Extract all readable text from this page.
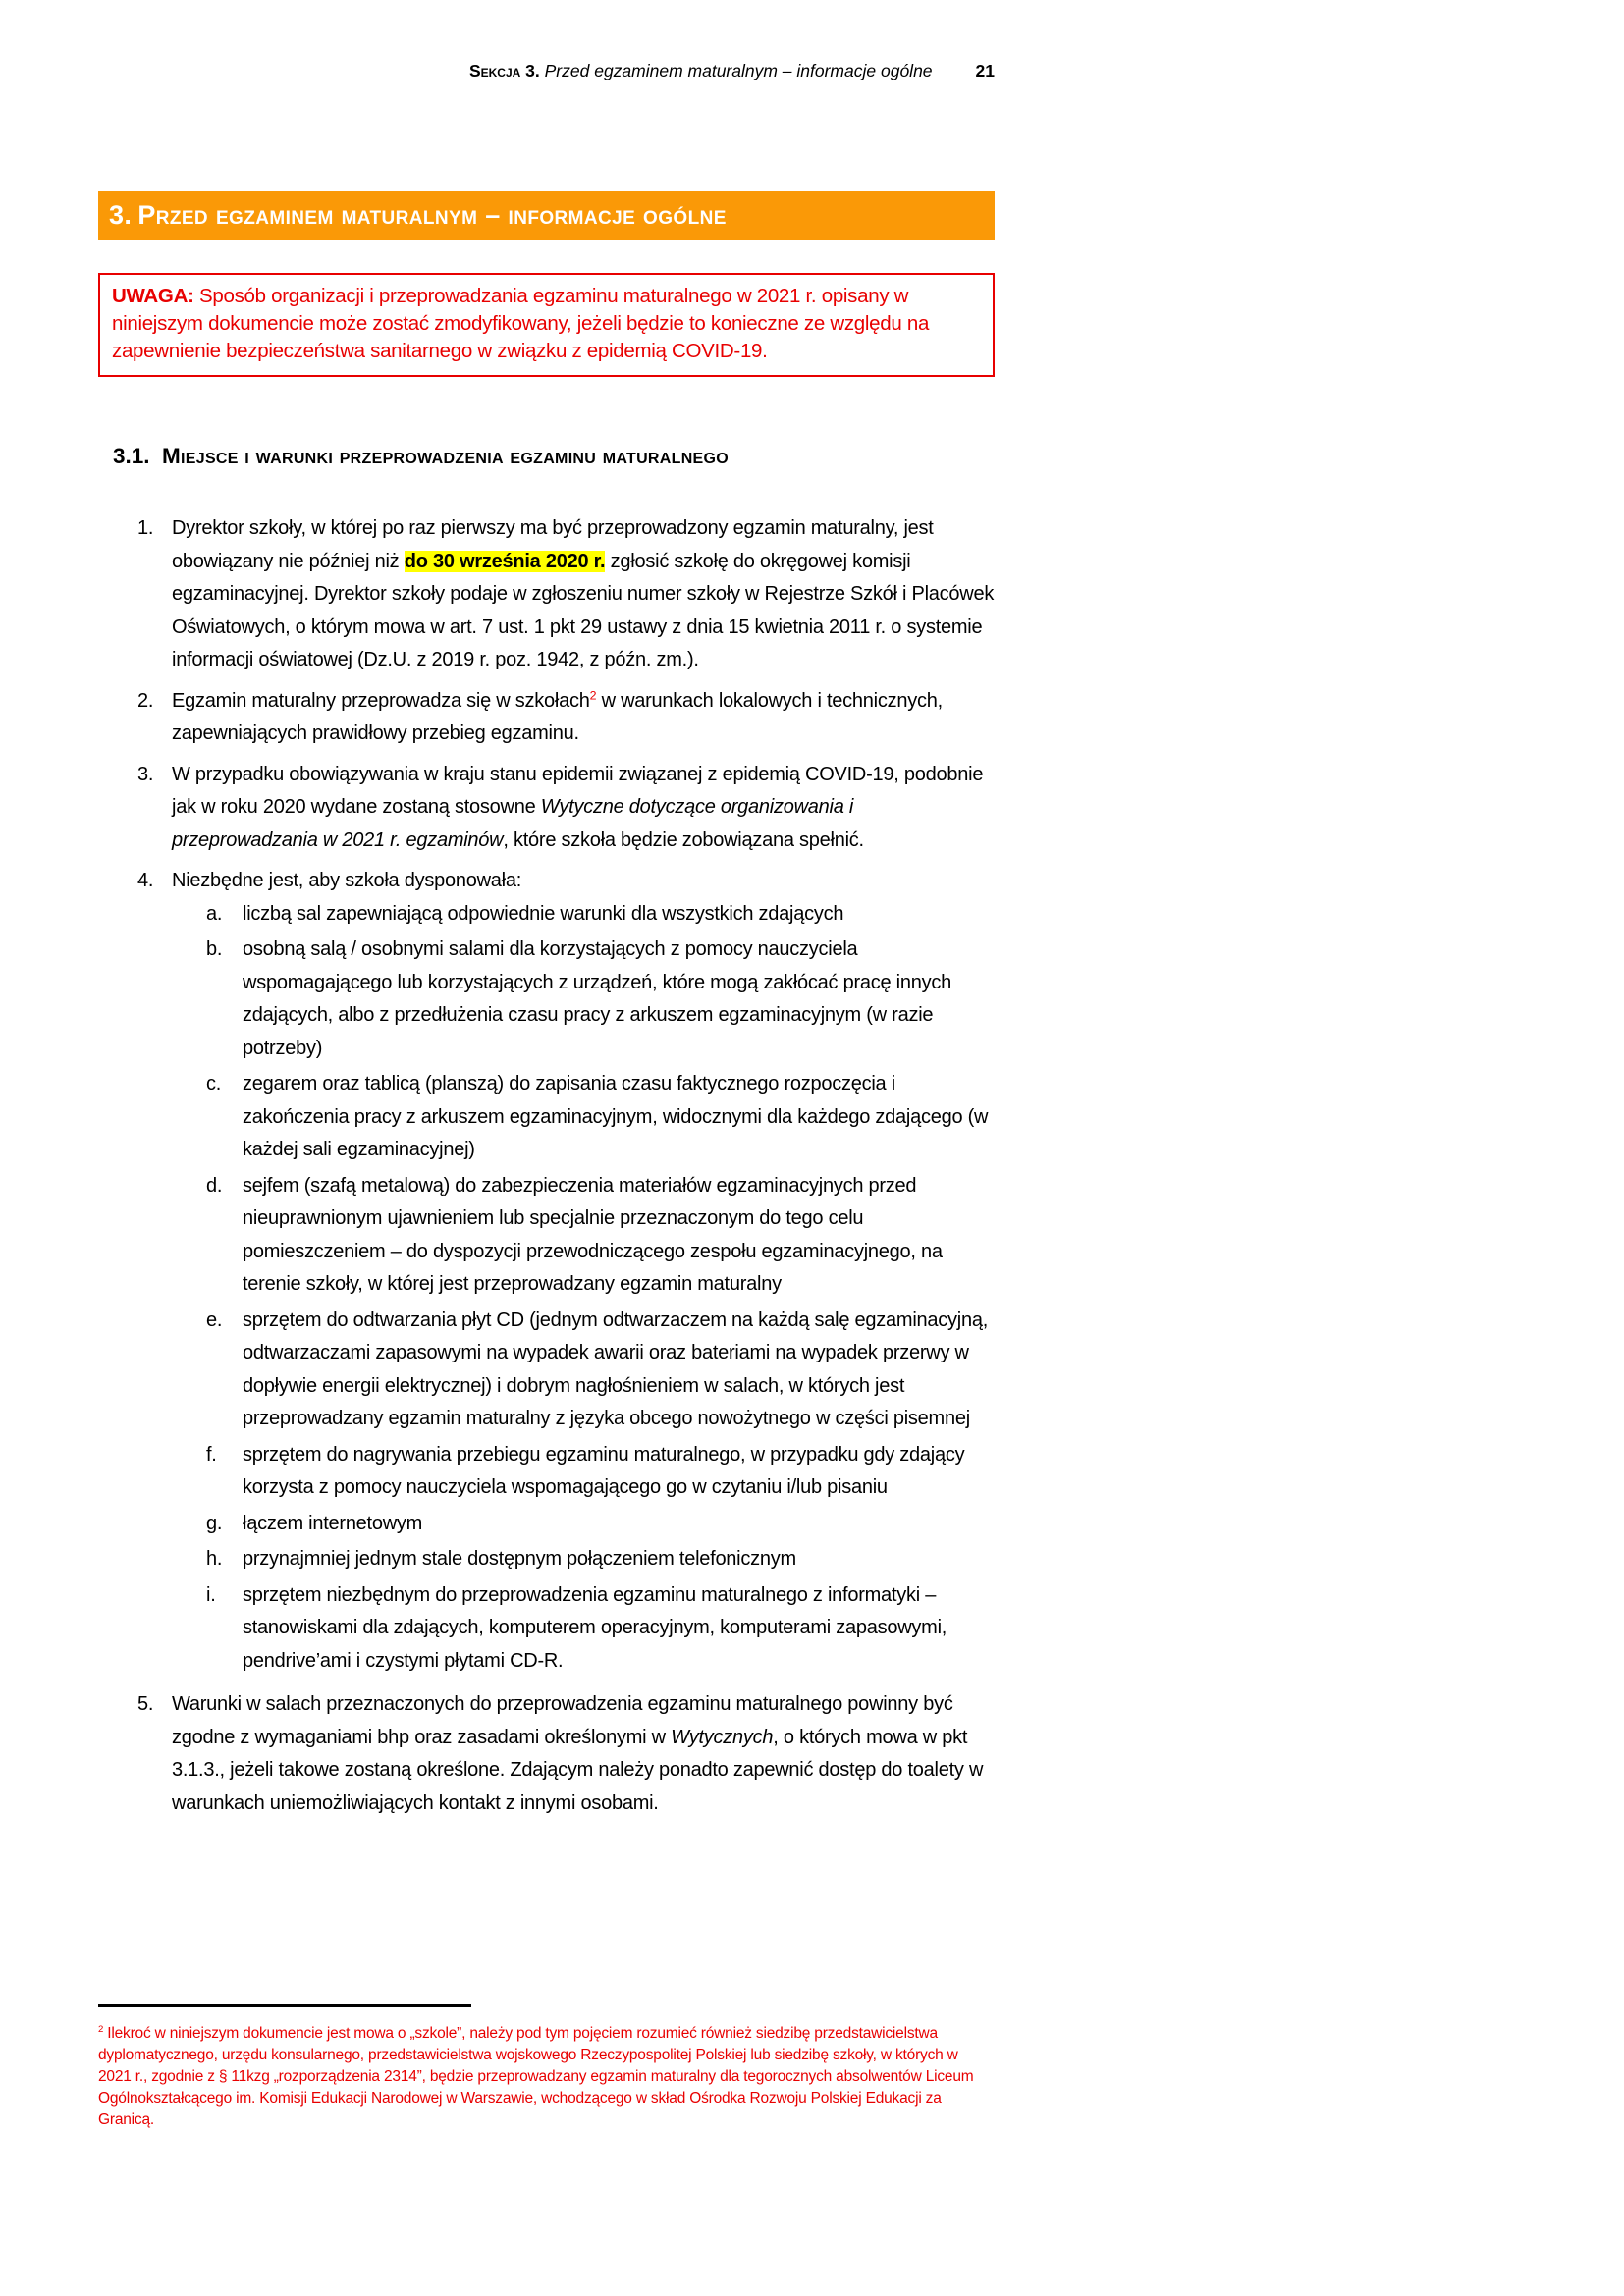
Sekcja 3. Przed egzaminem maturalnym – informacje ogólne	21
3. Przed egzaminem maturalnym – informacje ogólne
UWAGA: Sposób organizacji i przeprowadzania egzaminu maturalnego w 2021 r. opisany w niniejszym dokumencie może zostać zmodyfikowany, jeżeli będzie to konieczne ze względu na zapewnienie bezpieczeństwa sanitarnego w związku z epidemią COVID-19.
3.1. Miejsce i warunki przeprowadzenia egzaminu maturalnego
1. Dyrektor szkoły, w której po raz pierwszy ma być przeprowadzony egzamin maturalny, jest obowiązany nie później niż do 30 września 2020 r. zgłosić szkołę do okręgowej komisji egzaminacyjnej. Dyrektor szkoły podaje w zgłoszeniu numer szkoły w Rejestrze Szkół i Placówek Oświatowych, o którym mowa w art. 7 ust. 1 pkt 29 ustawy z dnia 15 kwietnia 2011 r. o systemie informacji oświatowej (Dz.U. z 2019 r. poz. 1942, z późn. zm.).
2. Egzamin maturalny przeprowadza się w szkołach$^2$ w warunkach lokalowych i technicznych, zapewniających prawidłowy przebieg egzaminu.
3. W przypadku obowiązywania w kraju stanu epidemii związanej z epidemią COVID-19, podobnie jak w roku 2020 wydane zostaną stosowne Wytyczne dotyczące organizowania i przeprowadzania w 2021 r. egzaminów, które szkoła będzie zobowiązana spełnić.
4. Niezbędne jest, aby szkoła dysponowała:
a.	liczbą sal zapewniającą odpowiednie warunki dla wszystkich zdających
b.	osobną salą / osobnymi salami dla korzystających z pomocy nauczyciela wspomagającego lub korzystających z urządzeń, które mogą zakłócać pracę innych zdających, albo z przedłużenia czasu pracy z arkuszem egzaminacyjnym (w razie potrzeby)
c.	zegarem oraz tablicą (planszą) do zapisania czasu faktycznego rozpoczęcia i zakończenia pracy z arkuszem egzaminacyjnym, widocznymi dla każdego zdającego (w każdej sali egzaminacyjnej)
d.	sejfem (szafą metalową) do zabezpieczenia materiałów egzaminacyjnych przed nieuprawnionym ujawnieniem lub specjalnie przeznaczonym do tego celu pomieszczeniem – do dyspozycji przewodniczącego zespołu egzaminacyjnego, na terenie szkoły, w której jest przeprowadzany egzamin maturalny
e.	sprzętem do odtwarzania płyt CD (jednym odtwarzaczem na każdą salę egzaminacyjną, odtwarzaczami zapasowymi na wypadek awarii oraz bateriami na wypadek przerwy w dopływie energii elektrycznej) i dobrym nagłośnieniem w salach, w których jest przeprowadzany egzamin maturalny z języka obcego nowożytnego w części pisemnej
f.	sprzętem do nagrywania przebiegu egzaminu maturalnego, w przypadku gdy zdający korzysta z pomocy nauczyciela wspomagającego go w czytaniu i/lub pisaniu
g.	łączem internetowym
h.	przynajmniej jednym stale dostępnym połączeniem telefonicznym
i.	sprzętem niezbędnym do przeprowadzenia egzaminu maturalnego z informatyki – stanowiskami dla zdających, komputerem operacyjnym, komputerami zapasowymi, pendrive’ami i czystymi płytami CD-R.
5. Warunki w salach przeznaczonych do przeprowadzenia egzaminu maturalnego powinny być zgodne z wymaganiami bhp oraz zasadami określonymi w Wytycznych, o których mowa w pkt 3.1.3., jeżeli takowe zostaną określone. Zdającym należy ponadto zapewnić dostęp do toalety w warunkach uniemożliwiających kontakt z innymi osobami.
$^2$ Ilekroć w niniejszym dokumencie jest mowa o „szkole”, należy pod tym pojęciem rozumieć również siedzibę przedstawicielstwa dyplomatycznego, urzędu konsularnego, przedstawicielstwa wojskowego Rzeczypospolitej Polskiej lub siedzibę szkoły, w których w 2021 r., zgodnie z § 11kzg „rozporządzenia 2314”, będzie przeprowadzany egzamin maturalny dla tegorocznych absolwentów Liceum Ogólnokształcącego im. Komisji Edukacji Narodowej w Warszawie, wchodzącego w skład Ośrodka Rozwoju Polskiej Edukacji za Granicą.
